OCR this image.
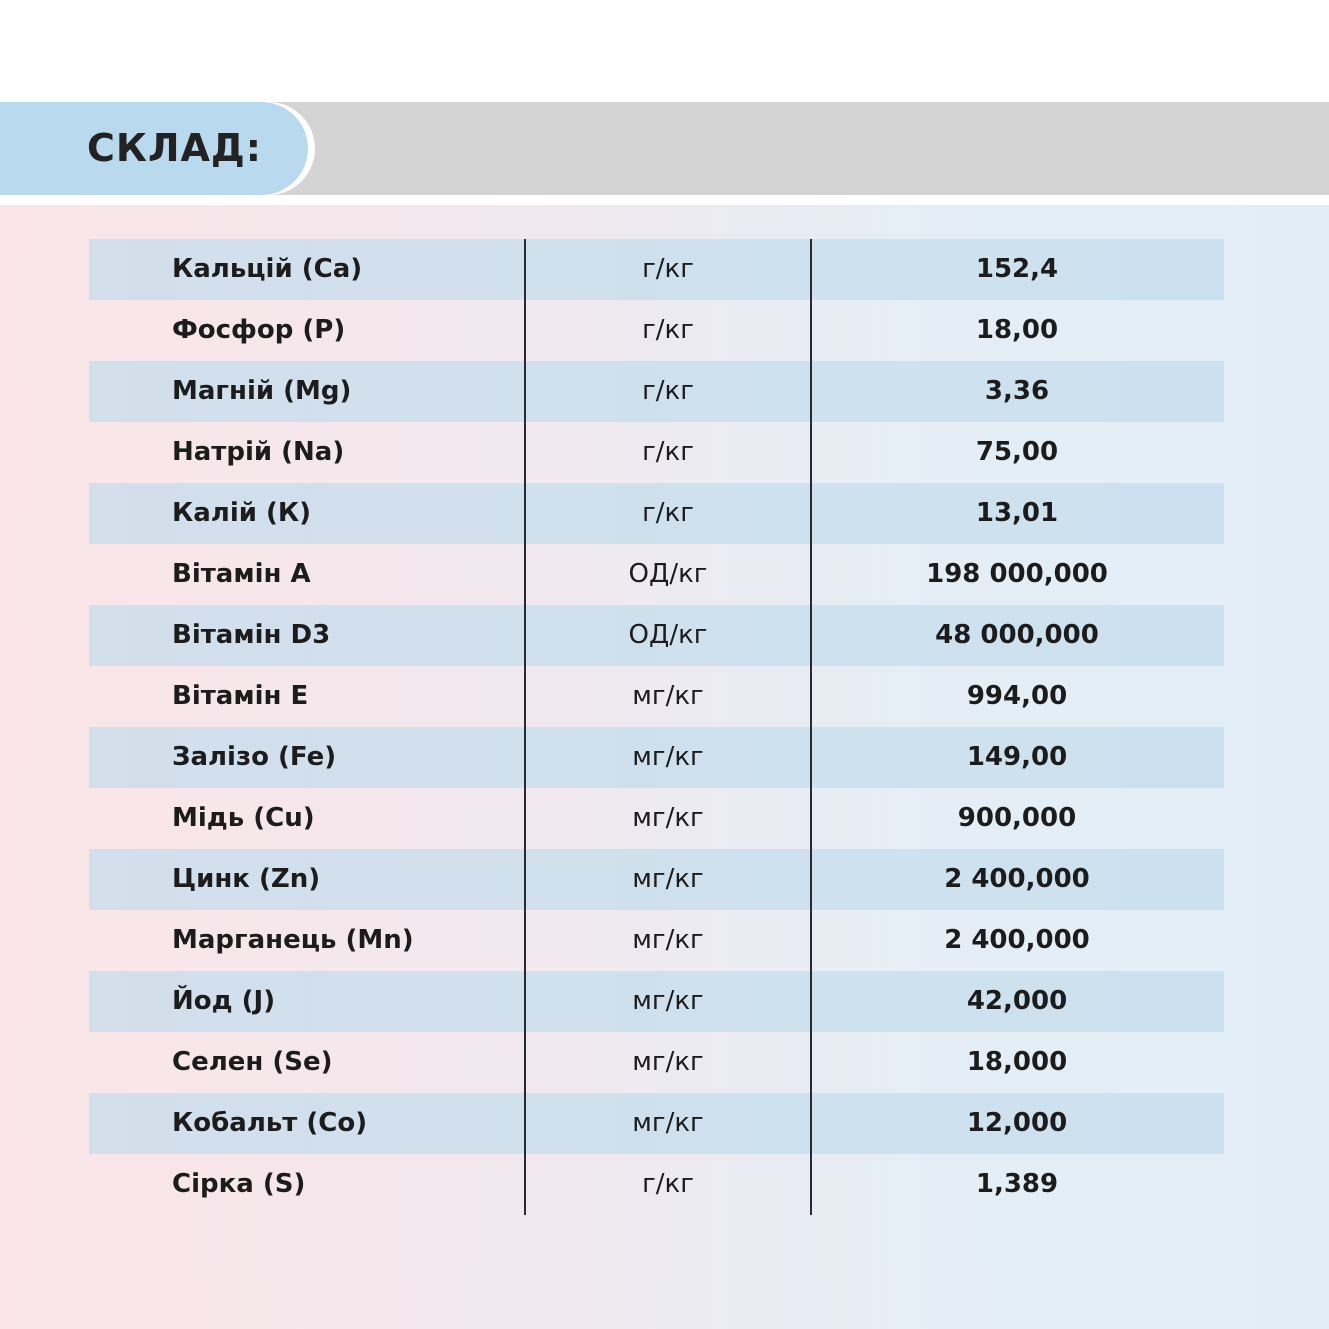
СКЛАД:
Кальцій (Са)	г/кг	152,4
Фосфор (Р)	г/кг	18,00
Магній (Mg)	г/кг	3,36
Натрій (Na)	г/кг	75,00
Калій (К)	г/кг	13,01
Вітамін А	ОД/кг	198 000,000
Вітамін D3	ОД/кг	48 000,000
Вітамін Е	мг/кг	994,00
Залізо (Fe)	мг/кг	149,00
Мідь (Cu)	мг/кг	900,000
Цинк (Zn)	мг/кг	2 400,000
Марганець (Mn)	мг/кг	2 400,000
Йод (J)	мг/кг	42,000
Селен (Se)	мг/кг	18,000
Кобальт (Co)	мг/кг	12,000
Сірка (S)	г/кг	1,389
